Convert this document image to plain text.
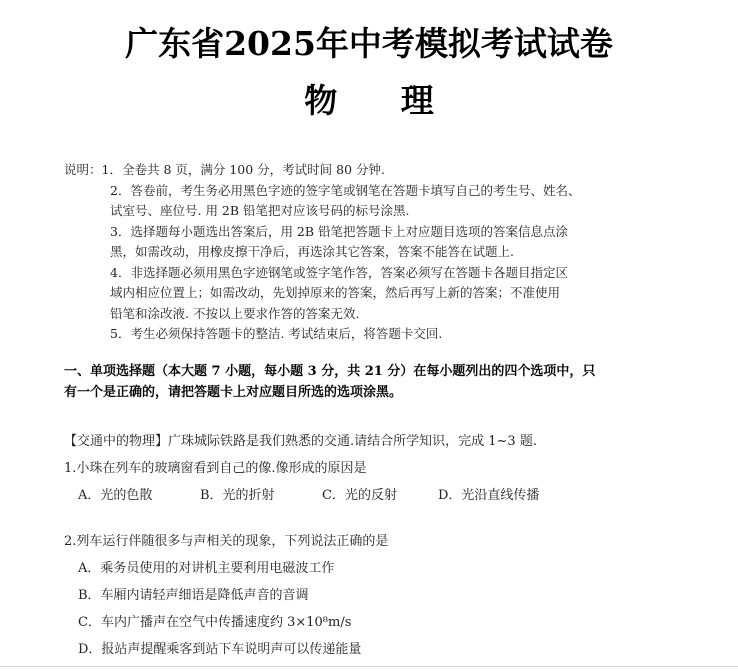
广东省2025年中考模拟考试试卷
物 理
说明：1．全卷共 8 页，满分 100 分，考试时间 80 分钟.
2．答卷前，考生务必用黑色字迹的签字笔或钢笔在答题卡填写自己的考生号、姓名、
试室号、座位号. 用 2B 铅笔把对应该号码的标号涂黑.
3．选择题每小题选出答案后，用 2B 铅笔把答题卡上对应题目选项的答案信息点涂
黑，如需改动，用橡皮擦干净后，再选涂其它答案，答案不能答在试题上.
4．非选择题必须用黑色字迹钢笔或签字笔作答，答案必须写在答题卡各题目指定区
域内相应位置上；如需改动，先划掉原来的答案，然后再写上新的答案；不准使用
铅笔和涂改液. 不按以上要求作答的答案无效.
5．考生必须保持答题卡的整洁. 考试结束后，将答题卡交回.
一、单项选择题（本大题 7 小题，每小题 3 分，共 21 分）在每小题列出的四个选项中，只
有一个是正确的，请把答题卡上对应题目所选的选项涂黑。
【交通中的物理】广珠城际铁路是我们熟悉的交通.请结合所学知识，完成 1~3 题.
1.小珠在列车的玻璃窗看到自己的像.像形成的原因是
A．光的色散	B．光的折射	C．光的反射	D．光沿直线传播
2.列车运行伴随很多与声相关的现象，下列说法正确的是
A．乘务员使用的对讲机主要利用电磁波工作
B．车厢内请轻声细语是降低声音的音调
C．车内广播声在空气中传播速度约 3×10⁸m/s
D．报站声提醒乘客到站下车说明声可以传递能量
